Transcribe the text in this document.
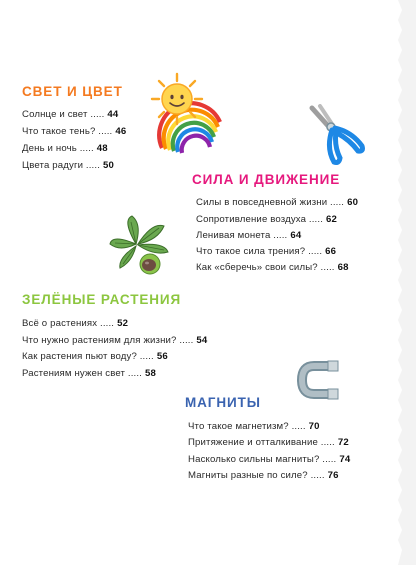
СВЕТ И ЦВЕТ
Солнце и свет ..... 44
Что такое тень? ..... 46
День и ночь ..... 48
Цвета радуги ..... 50
СИЛА И ДВИЖЕНИЕ
Силы в повседневной жизни ..... 60
Сопротивление воздуха ..... 62
Ленивая монета ..... 64
Что такое сила трения? ..... 66
Как «сберечь» свои силы? ..... 68
ЗЕЛЁНЫЕ РАСТЕНИЯ
Всё о растениях ..... 52
Что нужно растениям для жизни? ..... 54
Как растения пьют воду? ..... 56
Растениям нужен свет ..... 58
МАГНИТЫ
Что такое магнетизм? ..... 70
Притяжение и отталкивание ..... 72
Насколько сильны магниты? ..... 74
Магниты разные по силе? ..... 76
